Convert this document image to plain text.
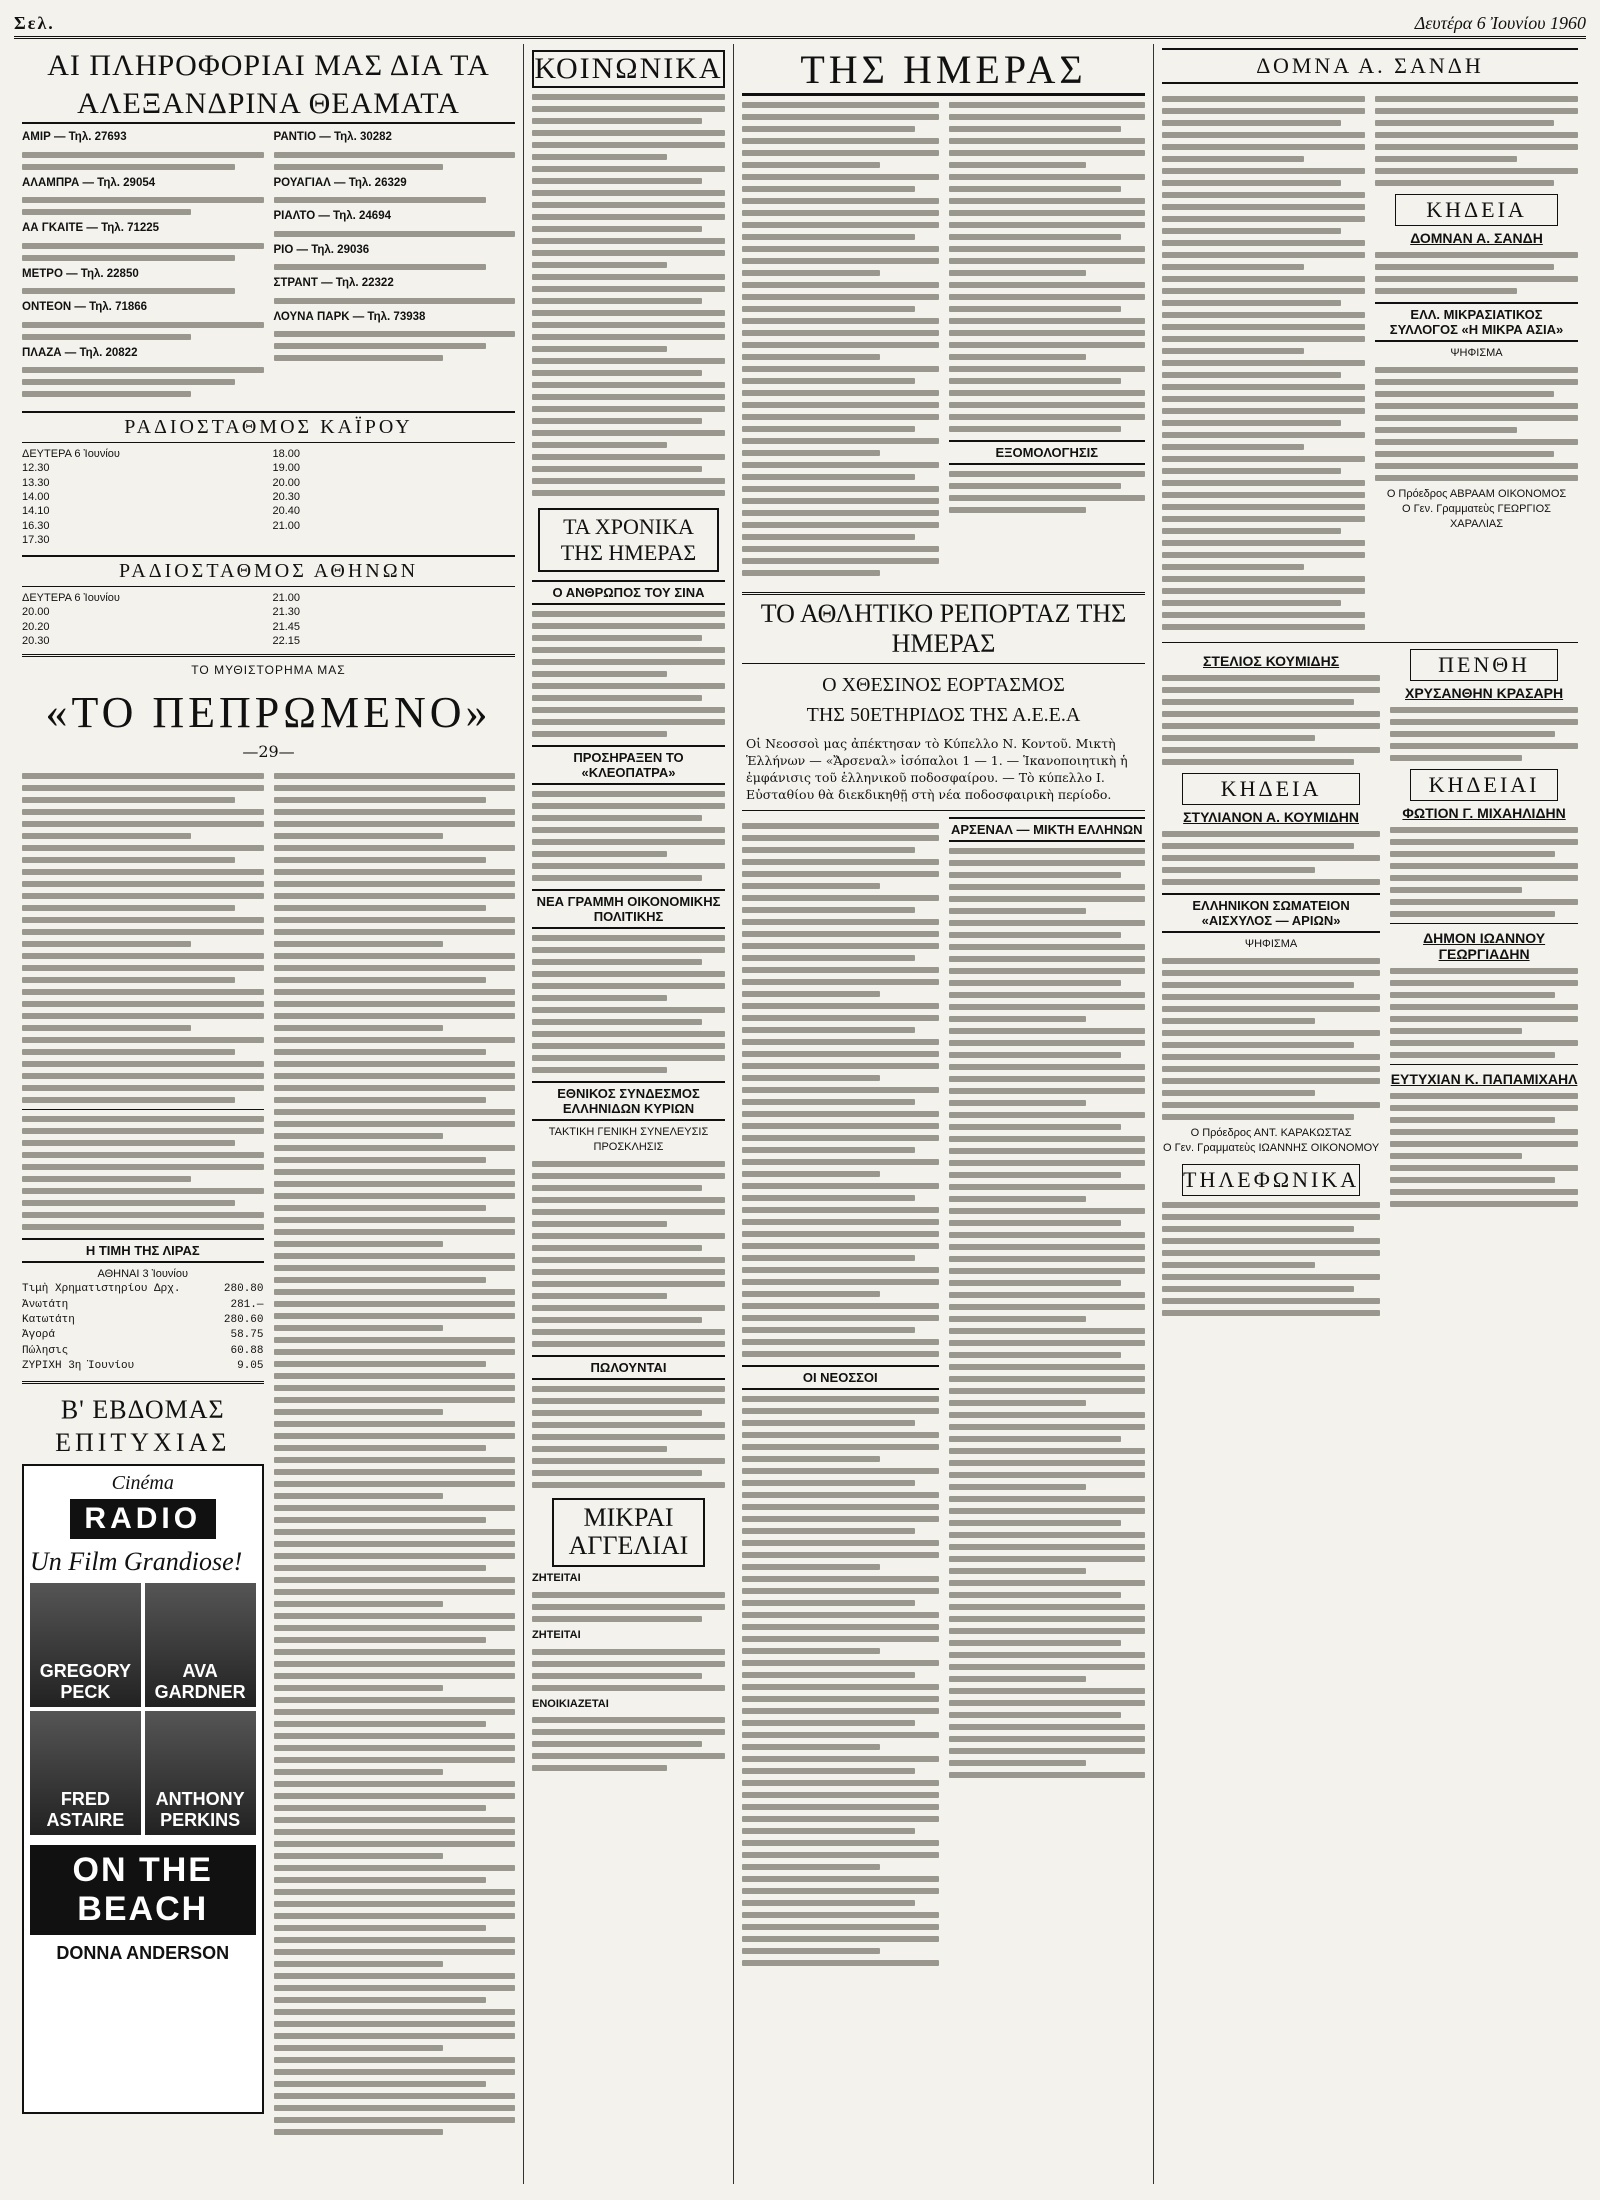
Σελ.	Δευτέρα 6 Ἰουνίου 1960
ΑΙ ΠΛΗΡΟΦΟΡΙΑΙ ΜΑΣ ΔΙΑ ΤΑ
ΑΛΕΞΑΝΔΡΙΝΑ ΘΕΑΜΑΤΑ
ΑΜΙΡ — Τηλ. 27693
ΑΛΑΜΠΡΑ — Τηλ. 29054
ΑΑ ΓΚΑΙΤΕ — Τηλ. 71225
ΜΕΤΡΟ — Τηλ. 22850
ΟΝΤΕΟΝ — Τηλ. 71866
ΠΛΑΖΑ — Τηλ. 20822
ΡΑΝΤΙΟ — Τηλ. 30282
ΡΟΥΑΓΙΑΛ — Τηλ. 26329
ΡΙΑΛΤΟ — Τηλ. 24694
ΡΙΟ — Τηλ. 29036
ΣΤΡΑΝΤ — Τηλ. 22322
ΛΟΥΝΑ ΠΑΡΚ — Τηλ. 73938
ΡΑΔΙΟΣΤΑΘΜΟΣ ΚΑΪΡΟΥ
ΔΕΥΤΕΡΑ 6 Ἰουνίου
12.30
13.30
14.00
14.10
16.30
17.30
18.00
19.00
20.00
20.30
20.40
21.00
ΡΑΔΙΟΣΤΑΘΜΟΣ ΑΘΗΝΩΝ
ΔΕΥΤΕΡΑ 6 Ἰουνίου
20.00
20.20
20.30
21.00
21.30
21.45
22.15
ΤΟ ΜΥΘΙΣΤΟΡΗΜΑ ΜΑΣ
«ΤΟ ΠΕΠΡΩΜΕΝΟ»
—29—
Η ΤΙΜΗ ΤΗΣ ΛΙΡΑΣ
ΑΘΗΝΑΙ 3 Ἰουνίου
Τιμὴ Χρηματιστηρίου Δρχ.	280.80
Ἀνωτάτη	281.—
Κατωτάτη	280.60
Ἀγορά	58.75
Πώλησις	60.88
ΖΥΡΙΧΗ 3η Ἰουνίου	9.05
Β' ΕΒΔΟΜΑΣ
ΕΠΙΤΥΧΙΑΣ
Cinéma
RADIO
Un Film Grandiose!
GREGORY PECK
AVA GARDNER
FRED ASTAIRE
ANTHONY PERKINS
ON THE BEACH
DONNA ANDERSON
ΚΟΙΝΩΝΙΚΑ
ΤΑ ΧΡΟΝΙΚΑ ΤΗΣ ΗΜΕΡΑΣ
Ο ΑΝΘΡΩΠΟΣ ΤΟΥ ΣΙΝΑ
ΠΡΟΣΗΡΑΞΕΝ ΤΟ «ΚΛΕΟΠΑΤΡΑ»
ΝΕΑ ΓΡΑΜΜΗ ΟΙΚΟΝΟΜΙΚΗΣ ΠΟΛΙΤΙΚΗΣ
ΕΘΝΙΚΟΣ ΣΥΝΔΕΣΜΟΣ ΕΛΛΗΝΙΔΩΝ ΚΥΡΙΩΝ
ΤΑΚΤΙΚΗ ΓΕΝΙΚΗ ΣΥΝΕΛΕΥΣΙΣ ΠΡΟΣΚΛΗΣΙΣ
ΠΩΛΟΥΝΤΑΙ
ΜΙΚΡΑΙ ΑΓΓΕΛΙΑΙ
ΖΗΤΕΙΤΑΙ
ΖΗΤΕΙΤΑΙ
ΕΝΟΙΚΙΑΖΕΤΑΙ
ΤΗΣ ΗΜΕΡΑΣ
ΕΞΟΜΟΛΟΓΗΣΙΣ
ΤΟ ΑΘΛΗΤΙΚΟ ΡΕΠΟΡΤΑΖ ΤΗΣ ΗΜΕΡΑΣ
Ο ΧΘΕΣΙΝΟΣ ΕΟΡΤΑΣΜΟΣ
ΤΗΣ 50ΕΤΗΡΙΔΟΣ ΤΗΣ Α.Ε.Ε.Α
Οἱ Νεοσσοὶ μας ἀπέκτησαν τὸ Κύπελλο Ν. Κοντοῦ. Μικτὴ Ἑλλήνων — «Ἄρσεναλ» ἰσόπαλοι 1 — 1. — Ἱκανοποιητικὴ ἡ ἐμφάνισις τοῦ ἑλληνικοῦ ποδοσφαίρου. — Τὸ κύπελλο Ι. Εὐσταθίου θὰ διεκδικηθῇ στὴ νέα ποδοσφαιρικὴ περίοδο.
ΟΙ ΝΕΟΣΣΟΙ
ΑΡΣΕΝΑΛ — ΜΙΚΤΗ ΕΛΛΗΝΩΝ
ΔΟΜΝΑ Α. ΣΑΝΔΗ
ΚΗΔΕΙΑ
ΔΟΜΝΑΝ Α. ΣΑΝΔΗ
ΕΛΛ. ΜΙΚΡΑΣΙΑΤΙΚΟΣ ΣΥΛΛΟΓΟΣ «Η ΜΙΚΡΑ ΑΣΙΑ»
ΨΗΦΙΣΜΑ
Ο Πρόεδρος ΑΒΡΑΑΜ ΟΙΚΟΝΟΜΟΣ
Ο Γεν. Γραμματεὺς ΓΕΩΡΓΙΟΣ ΧΑΡΑΛΙΑΣ
ΣΤΕΛΙΟΣ ΚΟΥΜΙΔΗΣ
ΚΗΔΕΙΑ
ΣΤΥΛΙΑΝΟΝ Α. ΚΟΥΜΙΔΗΝ
ΕΛΛΗΝΙΚΟΝ ΣΩΜΑΤΕΙΟΝ «ΑΙΣΧΥΛΟΣ — ΑΡΙΩΝ»
ΨΗΦΙΣΜΑ
Ο Πρόεδρος ΑΝΤ. ΚΑΡΑΚΩΣΤΑΣ
Ο Γεν. Γραμματεὺς ΙΩΑΝΝΗΣ ΟΙΚΟΝΟΜΟΥ
ΤΗΛΕΦΩΝΙΚΑ
ΠΕΝΘΗ
ΧΡΥΣΑΝΘΗΝ ΚΡΑΣΑΡΗ
ΚΗΔΕΙΑΙ
ΦΩΤΙΟΝ Γ. ΜΙΧΑΗΛΙΔΗΝ
ΔΗΜΟΝ ΙΩΑΝΝΟΥ ΓΕΩΡΓΙΑΔΗΝ
ΕΥΤΥΧΙΑΝ Κ. ΠΑΠΑΜΙΧΑΗΛ
